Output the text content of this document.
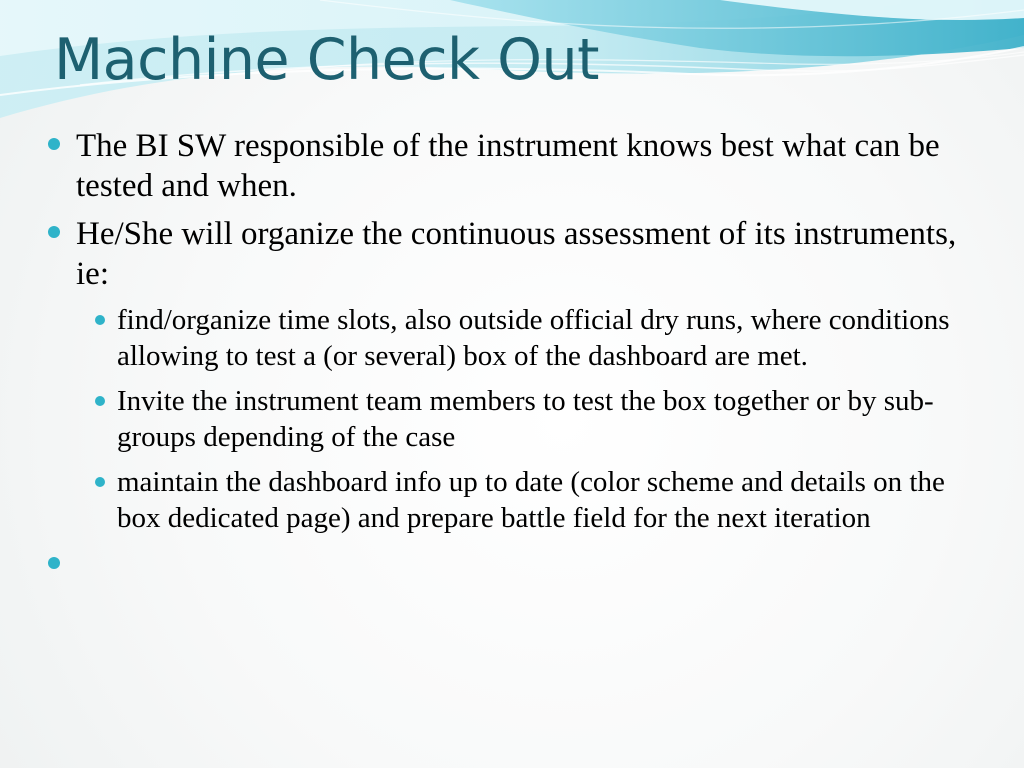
Machine Check Out
The BI SW responsible of the instrument knows best what can be tested and when.
He/She will organize the continuous assessment of its instruments, ie:
find/organize time slots, also outside official dry runs, where conditions allowing to test a (or several) box of the dashboard are met.
Invite the instrument team members to test the box together or by sub-groups depending of the case
maintain the dashboard info up to date (color scheme and details on the box dedicated page) and prepare battle field for the next iteration
